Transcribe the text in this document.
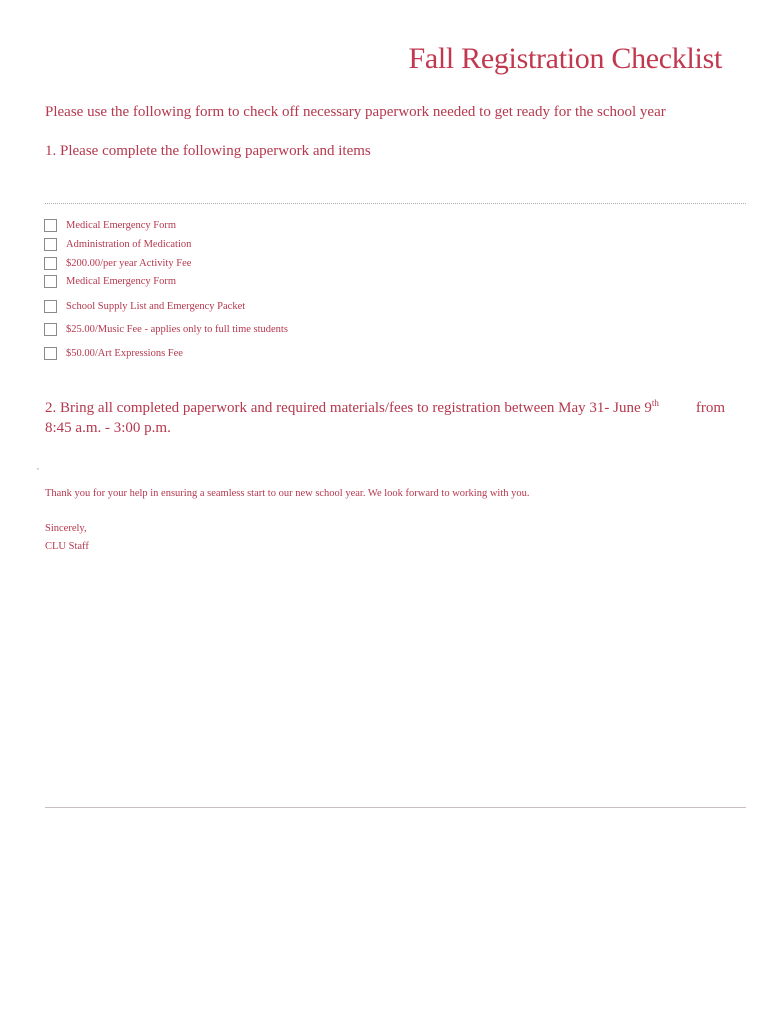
Fall Registration Checklist
Please use the following form to check off necessary paperwork needed to get ready for the school year
1. Please complete the following paperwork and items
Medical Emergency Form
Administration of Medication
$200.00/per year Activity Fee
Medical Emergency Form
School Supply List and Emergency Packet
$25.00/Music Fee - applies only to full time students
$50.00/Art Expressions Fee
2. Bring all completed paperwork and required materials/fees to registration between May 31- June 9th from
8:45 a.m. - 3:00 p.m.
,
Thank you for your help in ensuring a seamless start to our new school year. We look forward to working with you.
Sincerely,
CLU Staff
